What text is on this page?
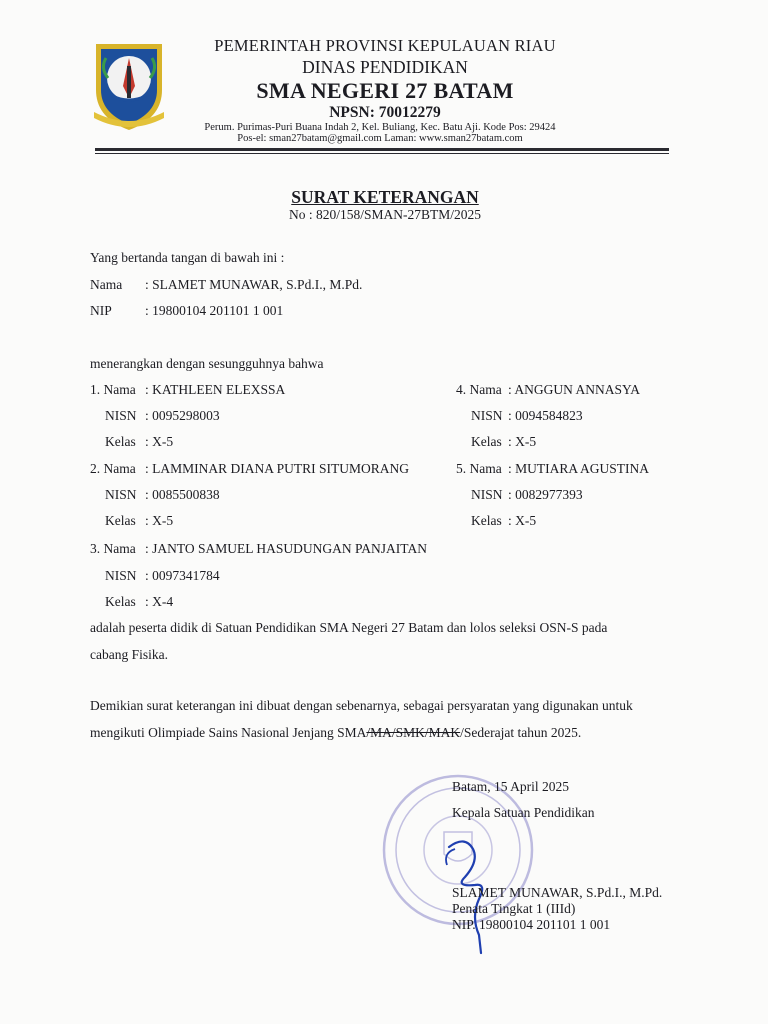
PEMERINTAH PROVINSI KEPULAUAN RIAU
DINAS PENDIDIKAN
SMA NEGERI 27 BATAM
NPSN: 70012279
Perum. Purimas-Puri Buana Indah 2, Kel. Buliang, Kec. Batu Aji. Kode Pos: 29424
Pos-el: sman27batam@gmail.com Laman: www.sman27batam.com
SURAT KETERANGAN
No : 820/158/SMAN-27BTM/2025
Yang bertanda tangan di bawah ini :
Nama : SLAMET MUNAWAR, S.Pd.I., M.Pd.
NIP : 19800104 201101 1 001
menerangkan dengan sesungguhnya bahwa
1. Nama : KATHLEEN ELEXSSA
NISN : 0095298003
Kelas : X-5
2. Nama : LAMMINAR DIANA PUTRI SITUMORANG
NISN : 0085500838
Kelas : X-5
3. Nama : JANTO SAMUEL HASUDUNGAN PANJAITAN
NISN : 0097341784
Kelas : X-4
4. Nama : ANGGUN ANNASYA
NISN : 0094584823
Kelas : X-5
5. Nama : MUTIARA AGUSTINA
NISN : 0082977393
Kelas : X-5
adalah peserta didik di Satuan Pendidikan SMA Negeri 27 Batam dan lolos seleksi OSN-S pada
cabang Fisika.
Demikian surat keterangan ini dibuat dengan sebenarnya, sebagai persyaratan yang digunakan untuk
mengikuti Olimpiade Sains Nasional Jenjang SMA/MA/SMK/MAK/Sederajat tahun 2025.
Batam, 15 April 2025
Kepala Satuan Pendidikan
SLAMET MUNAWAR, S.Pd.I., M.Pd.
Penata Tingkat 1 (IIId)
NIP. 19800104 201101 1 001
